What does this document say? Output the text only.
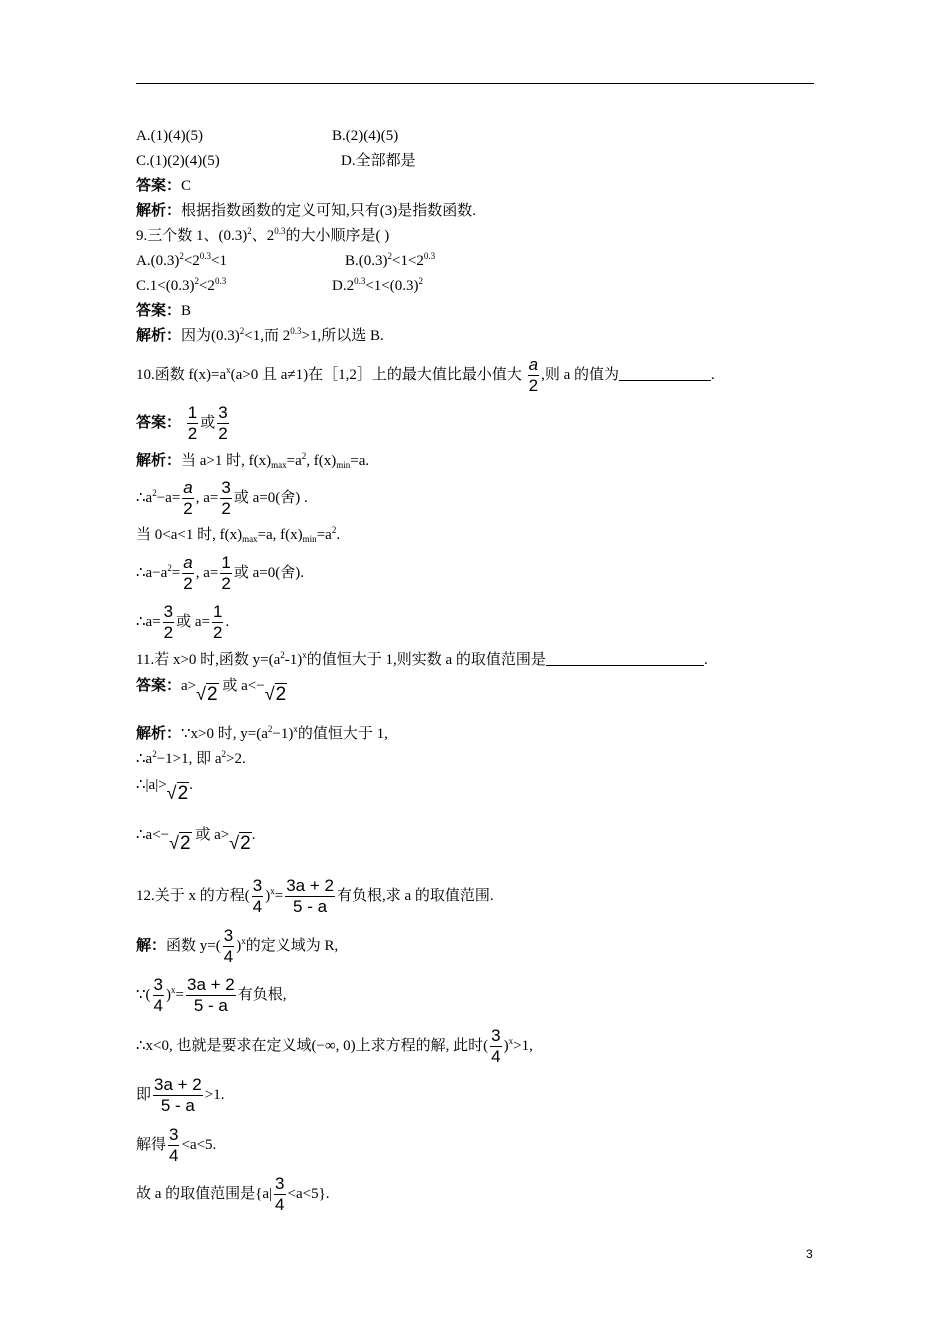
A.(1)(4)(5)	B.(2)(4)(5)
C.(1)(2)(4)(5)	D.全部都是
答案：C
解析：根据指数函数的定义可知,只有(3)是指数函数.
9.三个数 1、$(0.3)^2$、$2^{0.3}$的大小顺序是( )
$A.(0.3)^2<2^{0.3}<1$	$B.(0.3)^2<1<2^{0.3}$
$C.1<(0.3)^2<2^{0.3}$	$D.2^{0.3}<1<(0.3)^2$
答案：B
解析：因为$(0.3)^2<1$,而 $2^{0.3}>1$,所以选 B.
10.函数 $f(x)=a^x(a>0$ 且 a≠1)在［1,2］上的最大值比最小值大 $\frac{a}{2}$ ,则 a 的值为	.
答案： $\frac{1}{2}$ 或 $\frac{3}{2}$
解析：当 a>1 时, $f(x)_{max}=a^2$, $f(x)_{min}=a$.
$\therefore a^2-a= \frac{a}{2}$ , $a= \frac{3}{2}$ 或 a=0(舍) .
当 0<a<1 时, $f(x)_{max}=a$, $f(x)_{min}=a^2$.
$\therefore a-a^2= \frac{a}{2}$ , $a= \frac{1}{2}$ 或 a=0(舍).
∴a= $\frac{3}{2}$ 或 $a= \frac{1}{2}$ .
11.若 x>0 时,函数 $y=(a^2-1)^x$的值恒大于 1,则实数 a 的取值范围是	.
答案：a>√2 或 a<−√2
解析：∵x>0 时, $y=(a^2-1)^x$的值恒大于 1,
$\therefore a^2-1>1$, 即 $a^2>2$.
∴|a|>√2.
∴a<−√2 或 a>√2.
12.关于 x 的方程( $\frac{3}{4} )^x= \frac{3a + 2}{5 - a}$ 有负根,求 a 的取值范围.
解：函数 $y=( \frac{3}{4} )^x$的定义域为 R,
∵( $\frac{3}{4} )^x= \frac{3a + 2}{5 - a}$ 有负根,
∴x<0, 也就是要求在定义域(−∞, 0)上求方程的解, 此时( $\frac{3}{4} )^x>1$,
即 $\frac{3a + 2}{5 - a} >1$.
解得 $\frac{3}{4} <a<5$.
故 a 的取值范围是$\{a| \frac{3}{4} <a<5\}$.
3
